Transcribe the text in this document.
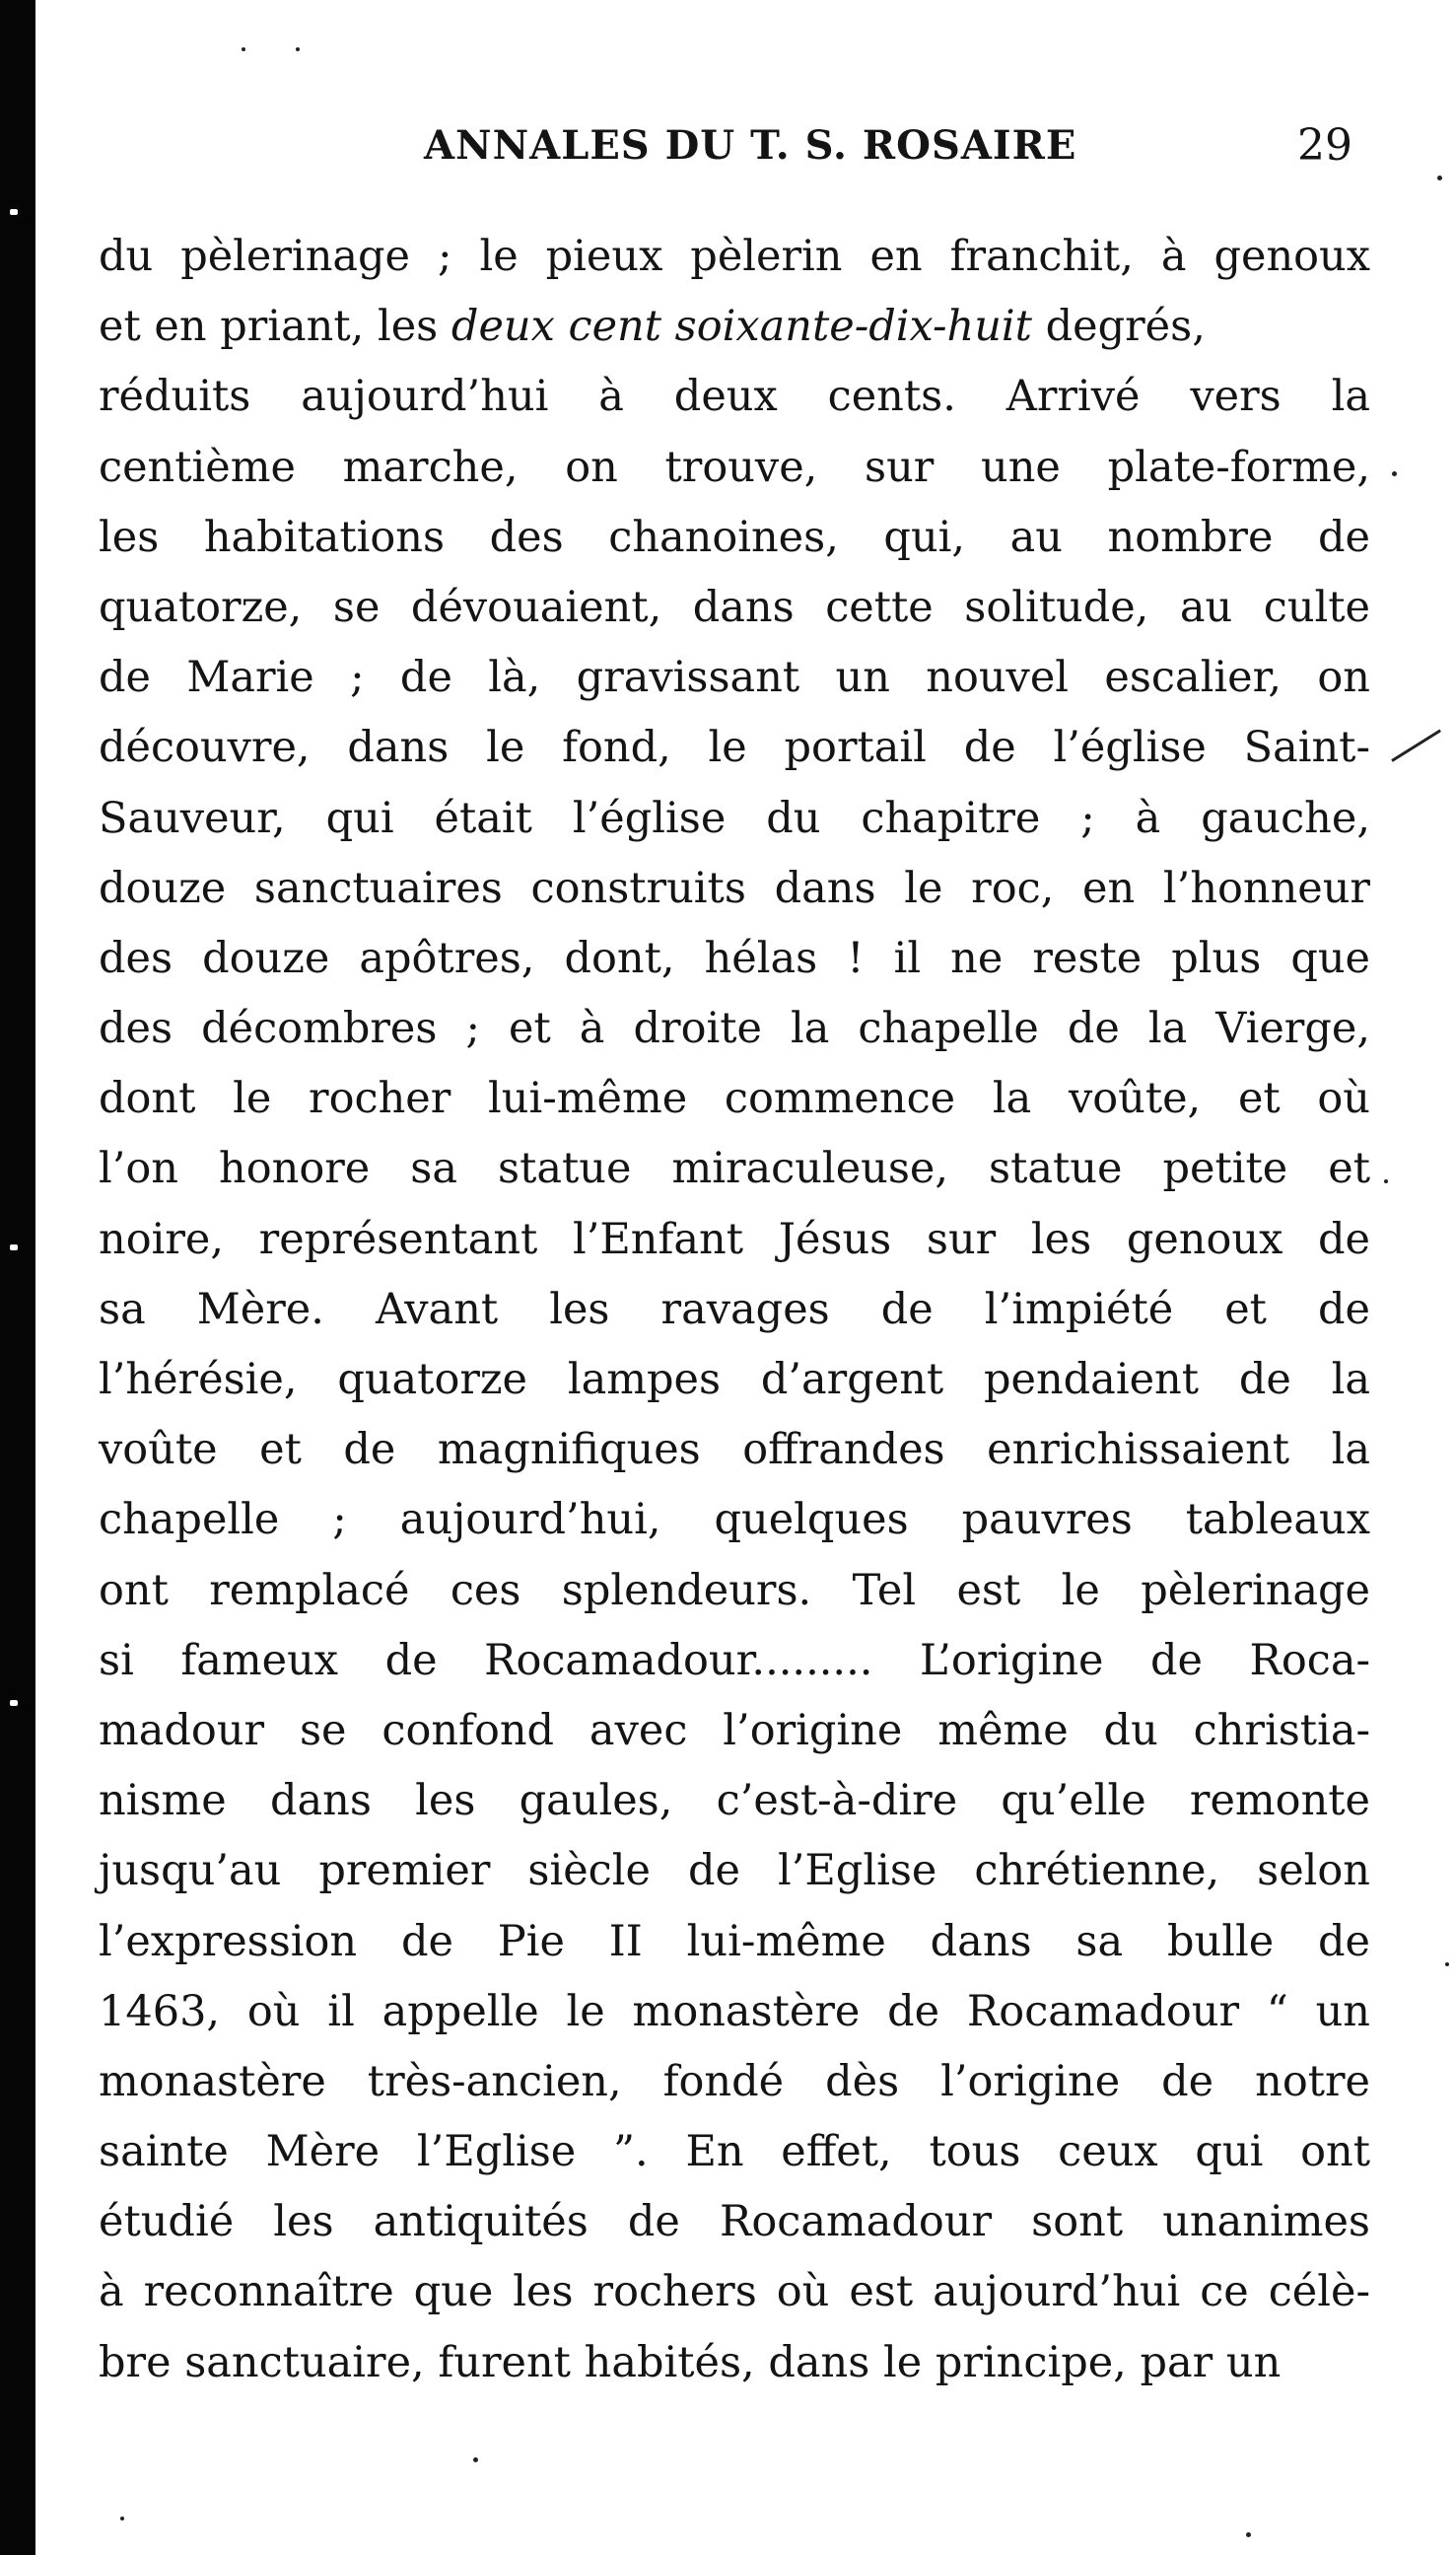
ANNALES DU T. S. ROSAIRE	29
du pèlerinage ; le pieux pèlerin en franchit, à genoux
et en priant, les deux cent soixante-dix-huit degrés,
réduits aujourd’hui à deux cents. Arrivé vers la
centième marche, on trouve, sur une plate-forme,
les habitations des chanoines, qui, au nombre de
quatorze, se dévouaient, dans cette solitude, au culte
de Marie ; de là, gravissant un nouvel escalier, on
découvre, dans le fond, le portail de l’église Saint-
Sauveur, qui était l’église du chapitre ; à gauche,
douze sanctuaires construits dans le roc, en l’honneur
des douze apôtres, dont, hélas ! il ne reste plus que
des décombres ; et à droite la chapelle de la Vierge,
dont le rocher lui-même commence la voûte, et où
l’on honore sa statue miraculeuse, statue petite et
noire, représentant l’Enfant Jésus sur les genoux de
sa Mère. Avant les ravages de l’impiété et de
l’hérésie, quatorze lampes d’argent pendaient de la
voûte et de magnifiques offrandes enrichissaient la
chapelle ; aujourd’hui, quelques pauvres tableaux
ont remplacé ces splendeurs. Tel est le pèlerinage
si fameux de Rocamadour......... L’origine de Roca-
madour se confond avec l’origine même du christia-
nisme dans les gaules, c’est-à-dire qu’elle remonte
jusqu’au premier siècle de l’Eglise chrétienne, selon
l’expression de Pie II lui-même dans sa bulle de
1463, où il appelle le monastère de Rocamadour “ un
monastère très-ancien, fondé dès l’origine de notre
sainte Mère l’Eglise ”. En effet, tous ceux qui ont
étudié les antiquités de Rocamadour sont unanimes
à reconnaître que les rochers où est aujourd’hui ce célè-
bre sanctuaire, furent habités, dans le principe, par un
